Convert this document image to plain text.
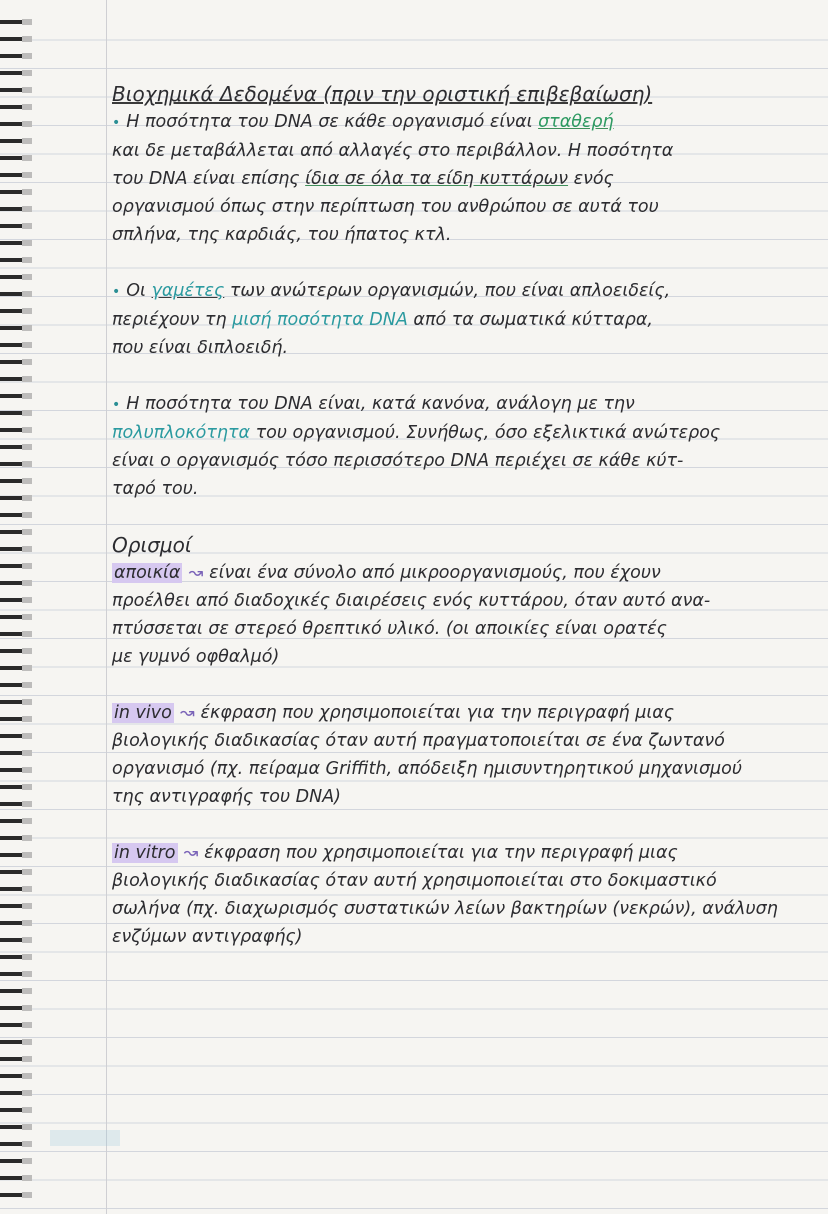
Βιοχημικά Δεδομένα (πριν την οριστική επιβεβαίωση)
• Η ποσότητα του DNA σε κάθε οργανισμό είναι σταθερή
και δε μεταβάλλεται από αλλαγές στο περιβάλλον. Η ποσότητα
του DNA είναι επίσης ίδια σε όλα τα είδη κυττάρων ενός
οργανισμού όπως στην περίπτωση του ανθρώπου σε αυτά του
σπλήνα, της καρδιάς, του ήπατος κτλ.
• Οι γαμέτες των ανώτερων οργανισμών, που είναι απλοειδείς,
περιέχουν τη μισή ποσότητα DNA από τα σωματικά κύτταρα,
που είναι διπλοειδή.
• Η ποσότητα του DNA είναι, κατά κανόνα, ανάλογη με την
πολυπλοκότητα του οργανισμού. Συνήθως, όσο εξελικτικά ανώτερος
είναι ο οργανισμός τόσο περισσότερο DNA περιέχει σε κάθε κύτ-
ταρό του.
Ορισμοί
αποικία ↝ είναι ένα σύνολο από μικροοργανισμούς, που έχουν
προέλθει από διαδοχικές διαιρέσεις ενός κυττάρου, όταν αυτό ανα-
πτύσσεται σε στερεό θρεπτικό υλικό. (οι αποικίες είναι ορατές
με γυμνό οφθαλμό)
in vivo ↝ έκφραση που χρησιμοποιείται για την περιγραφή μιας
βιολογικής διαδικασίας όταν αυτή πραγματοποιείται σε ένα ζωντανό
οργανισμό (πχ. πείραμα Griffith, απόδειξη ημισυντηρητικού μηχανισμού
της αντιγραφής του DNA)
in vitro ↝ έκφραση που χρησιμοποιείται για την περιγραφή μιας
βιολογικής διαδικασίας όταν αυτή χρησιμοποιείται στο δοκιμαστικό
σωλήνα (πχ. διαχωρισμός συστατικών λείων βακτηρίων (νεκρών), ανάλυση
ενζύμων αντιγραφής)
